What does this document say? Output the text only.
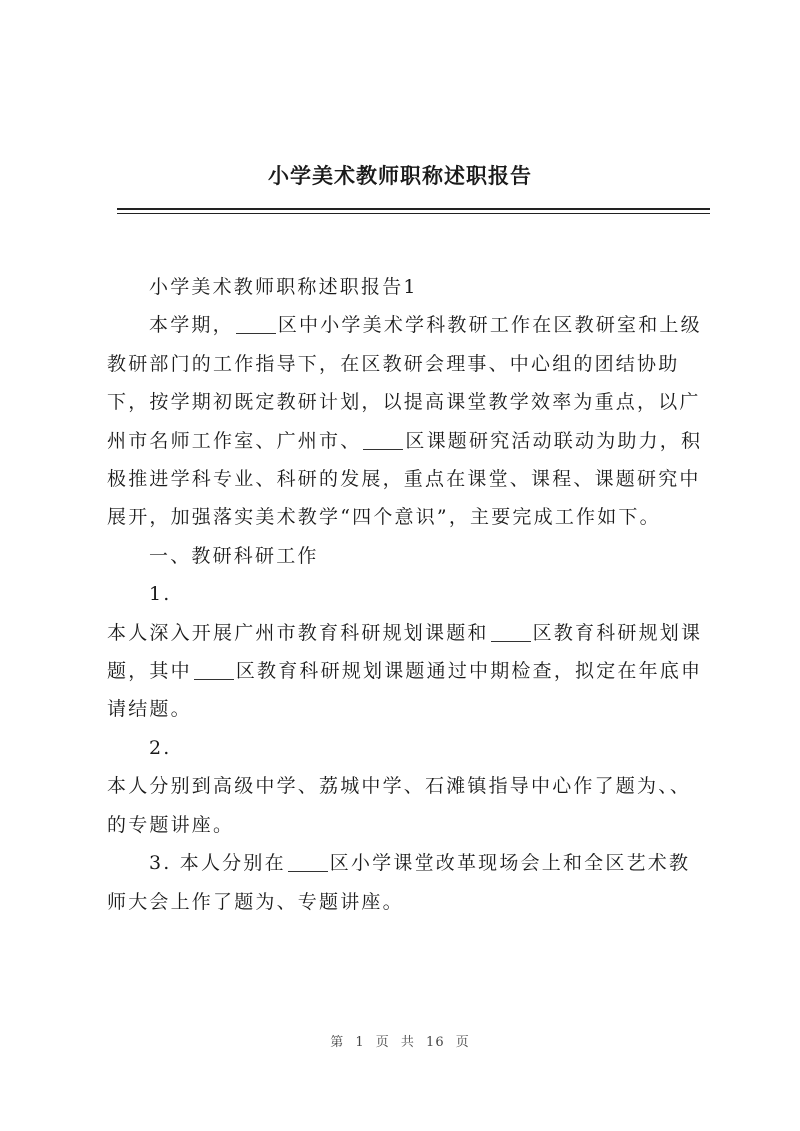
小学美术教师职称述职报告

小学美术教师职称述职报告1

本学期， 区中小学美术学科教研工作在区教研室和上级教研部门的工作指导下，在区教研会理事、中心组的团结协助下，按学期初既定教研计划，以提高课堂教学效率为重点，以广州市名师工作室、广州市、 区课题研究活动联动为助力，积极推进学科专业、科研的发展，重点在课堂、课程、课题研究中展开，加强落实美术教学“四个意识”，主要完成工作如下。

一、教研科研工作

1.

本人深入开展广州市教育科研规划课题和 区教育科研规划课题，其中 区教育科研规划课题通过中期检查，拟定在年底申请结题。

2.

本人分别到高级中学、荔城中学、石滩镇指导中心作了题为、、的专题讲座。

3. 本人分别在 区小学课堂改革现场会上和全区艺术教师大会上作了题为、专题讲座。

第 1 页 共 16 页
